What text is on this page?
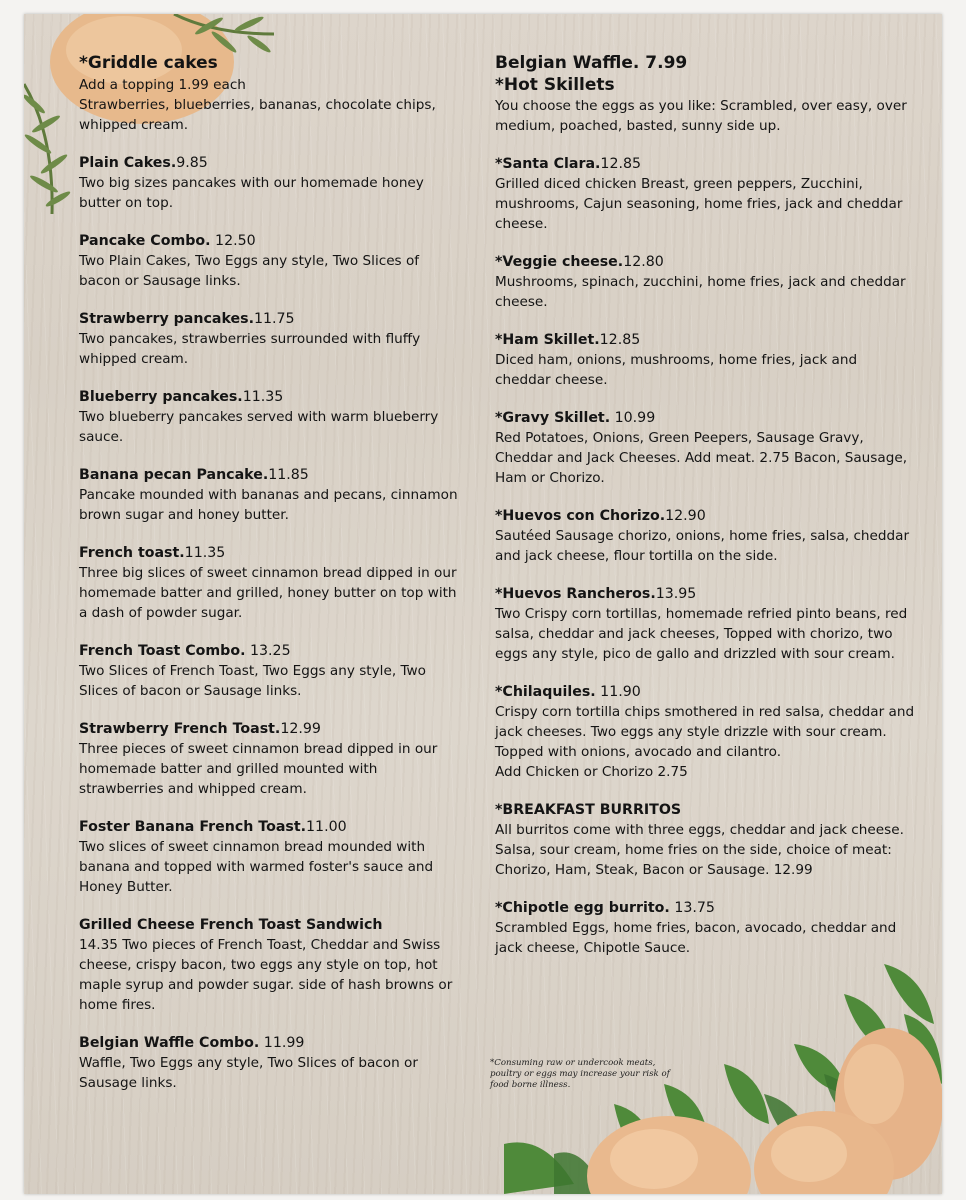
*Griddle cakes
Add a topping 1.99 each
Strawberries, blueberries, bananas, chocolate chips, whipped cream.
Plain Cakes.9.85
Two big sizes pancakes with our homemade honey butter on top.
Pancake Combo. 12.50
Two Plain Cakes, Two Eggs any style, Two Slices of bacon or Sausage links.
Strawberry pancakes.11.75
Two pancakes, strawberries surrounded with fluffy whipped cream.
Blueberry pancakes.11.35
Two blueberry pancakes served with warm blueberry sauce.
Banana pecan Pancake.11.85
Pancake mounded with bananas and pecans, cinnamon brown sugar and honey butter.
French toast.11.35
Three big slices of sweet cinnamon bread dipped in our homemade batter and grilled, honey butter on top with a dash of powder sugar.
French Toast Combo. 13.25
Two Slices of French Toast, Two Eggs any style, Two Slices of bacon or Sausage links.
Strawberry French Toast.12.99
Three pieces of sweet cinnamon bread dipped in our homemade batter and grilled mounted with strawberries and whipped cream.
Foster Banana French Toast.11.00
Two slices of sweet cinnamon bread mounded with banana and topped with warmed foster's sauce and Honey Butter.
Grilled Cheese French Toast Sandwich
14.35 Two pieces of French Toast, Cheddar and Swiss cheese, crispy bacon, two eggs any style on top, hot maple syrup and powder sugar. side of hash browns or home fires.
Belgian Waffle Combo. 11.99
Waffle, Two Eggs any style, Two Slices of bacon or Sausage links.
Belgian Waffle. 7.99
*Hot Skillets
You choose the eggs as you like: Scrambled, over easy, over medium, poached, basted, sunny side up.
*Santa Clara.12.85
Grilled diced chicken Breast, green peppers, Zucchini, mushrooms, Cajun seasoning, home fries, jack and cheddar cheese.
*Veggie cheese.12.80
Mushrooms, spinach, zucchini, home fries, jack and cheddar cheese.
*Ham Skillet.12.85
Diced ham, onions, mushrooms, home fries, jack and cheddar cheese.
*Gravy Skillet. 10.99
Red Potatoes, Onions, Green Peepers, Sausage Gravy, Cheddar and Jack Cheeses. Add meat. 2.75 Bacon, Sausage, Ham or Chorizo.
*Huevos con Chorizo.12.90
Sautéed Sausage chorizo, onions, home fries, salsa, cheddar and jack cheese, flour tortilla on the side.
*Huevos Rancheros.13.95
Two Crispy corn tortillas, homemade refried pinto beans, red salsa, cheddar and jack cheeses, Topped with chorizo, two eggs any style, pico de gallo and drizzled with sour cream.
*Chilaquiles. 11.90
Crispy corn tortilla chips smothered in red salsa, cheddar and jack cheeses. Two eggs any style drizzle with sour cream. Topped with onions, avocado and cilantro.
Add Chicken or Chorizo 2.75
*BREAKFAST BURRITOS
All burritos come with three eggs, cheddar and jack cheese. Salsa, sour cream, home fries on the side, choice of meat: Chorizo, Ham, Steak, Bacon or Sausage. 12.99
*Chipotle egg burrito. 13.75
Scrambled Eggs, home fries, bacon, avocado, cheddar and jack cheese, Chipotle Sauce.
*Consuming raw or undercook meats, poultry or eggs may increase your risk of food borne illness.
